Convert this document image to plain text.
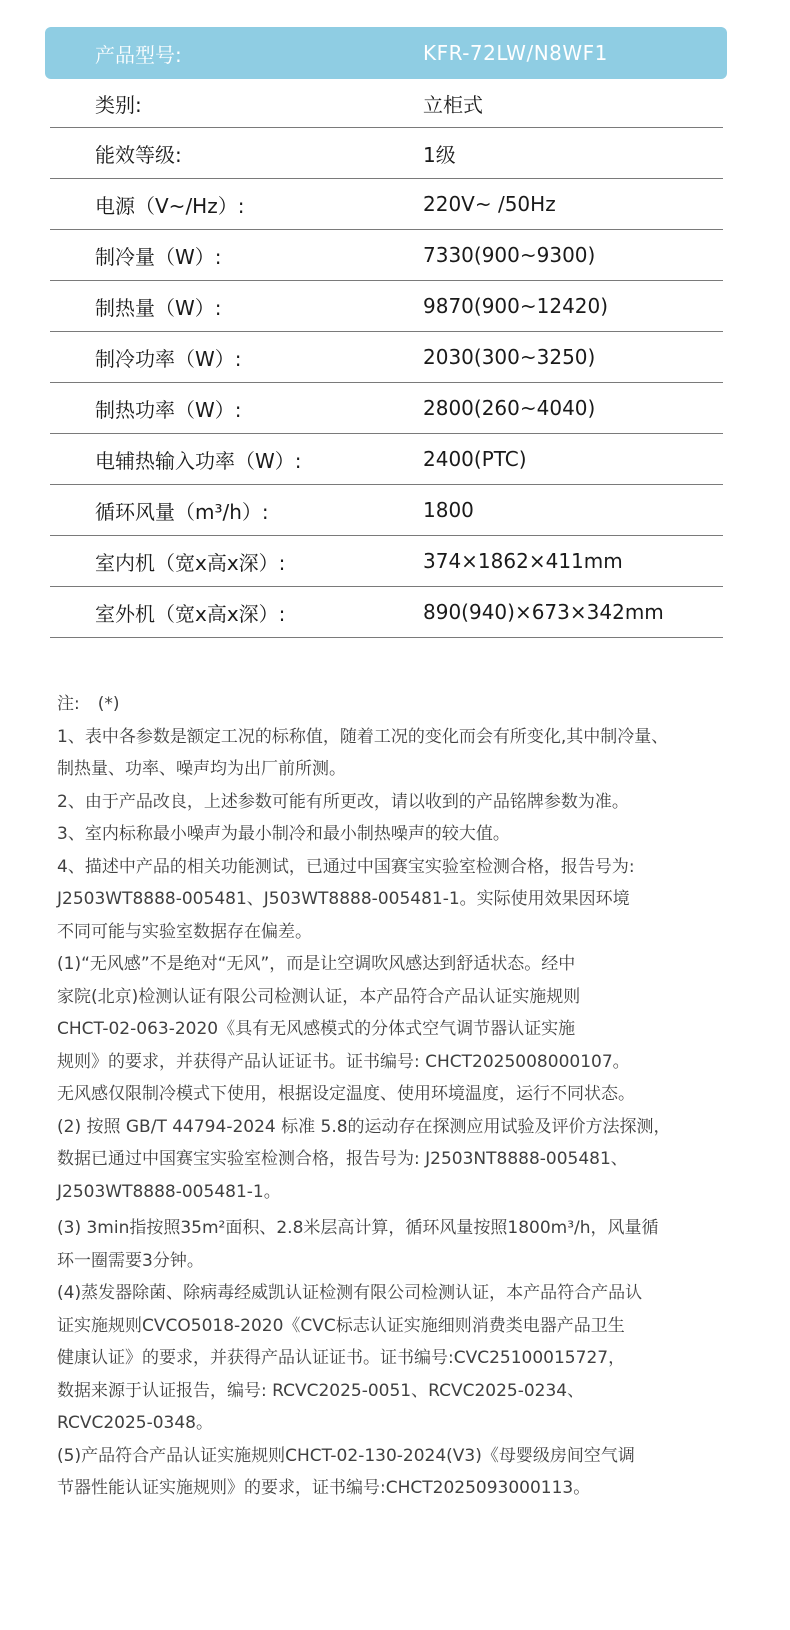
产品型号:	KFR-72LW/N8WF1
类别:	立柜式
能效等级:	1级
电源（V~/Hz）:	220V~ /50Hz
制冷量（W）:	7330(900~9300)
制热量（W）:	9870(900~12420)
制冷功率（W）:	2030(300~3250)
制热功率（W）:	2800(260~4040)
电辅热输入功率（W）:	2400(PTC)
循环风量（m³/h）:	1800
室内机（宽x高x深）:	374×1862×411mm
室外机（宽x高x深）:	890(940)×673×342mm

注: (*)

1、表中各参数是额定工况的标称值，随着工况的变化而会有所变化,其中制冷量、

制热量、功率、噪声均为出厂前所测。

2、由于产品改良，上述参数可能有所更改，请以收到的产品铭牌参数为准。

3、室内标称最小噪声为最小制冷和最小制热噪声的较大值。

4、描述中产品的相关功能测试，已通过中国赛宝实验室检测合格，报告号为:

J2503WT8888-005481、J503WT8888-005481-1。实际使用效果因环境

不同可能与实验室数据存在偏差。

(1)“无风感”不是绝对“无风”，而是让空调吹风感达到舒适状态。经中

家院(北京)检测认证有限公司检测认证，本产品符合产品认证实施规则

CHCT-02-063-2020《具有无风感模式的分体式空气调节器认证实施

规则》的要求，并获得产品认证证书。证书编号: CHCT2025008000107。

无风感仅限制冷模式下使用，根据设定温度、使用环境温度，运行不同状态。

(2) 按照 GB/T 44794-2024 标准 5.8的运动存在探测应用试验及评价方法探测，

数据已通过中国赛宝实验室检测合格，报告号为: J2503NT8888-005481、

J2503WT8888-005481-1。

(3) 3min指按照35m²面积、2.8米层高计算，循环风量按照1800m³/h，风量循

环一圈需要3分钟。

(4)蒸发器除菌、除病毒经威凯认证检测有限公司检测认证，本产品符合产品认

证实施规则CVCO5018-2020《CVC标志认证实施细则消费类电器产品卫生

健康认证》的要求，并获得产品认证证书。证书编号:CVC25100015727，

数据来源于认证报告，编号: RCVC2025-0051、RCVC2025-0234、

RCVC2025-0348。

(5)产品符合产品认证实施规则CHCT-02-130-2024(V3)《母婴级房间空气调

节器性能认证实施规则》的要求，证书编号:CHCT2025093000113。
